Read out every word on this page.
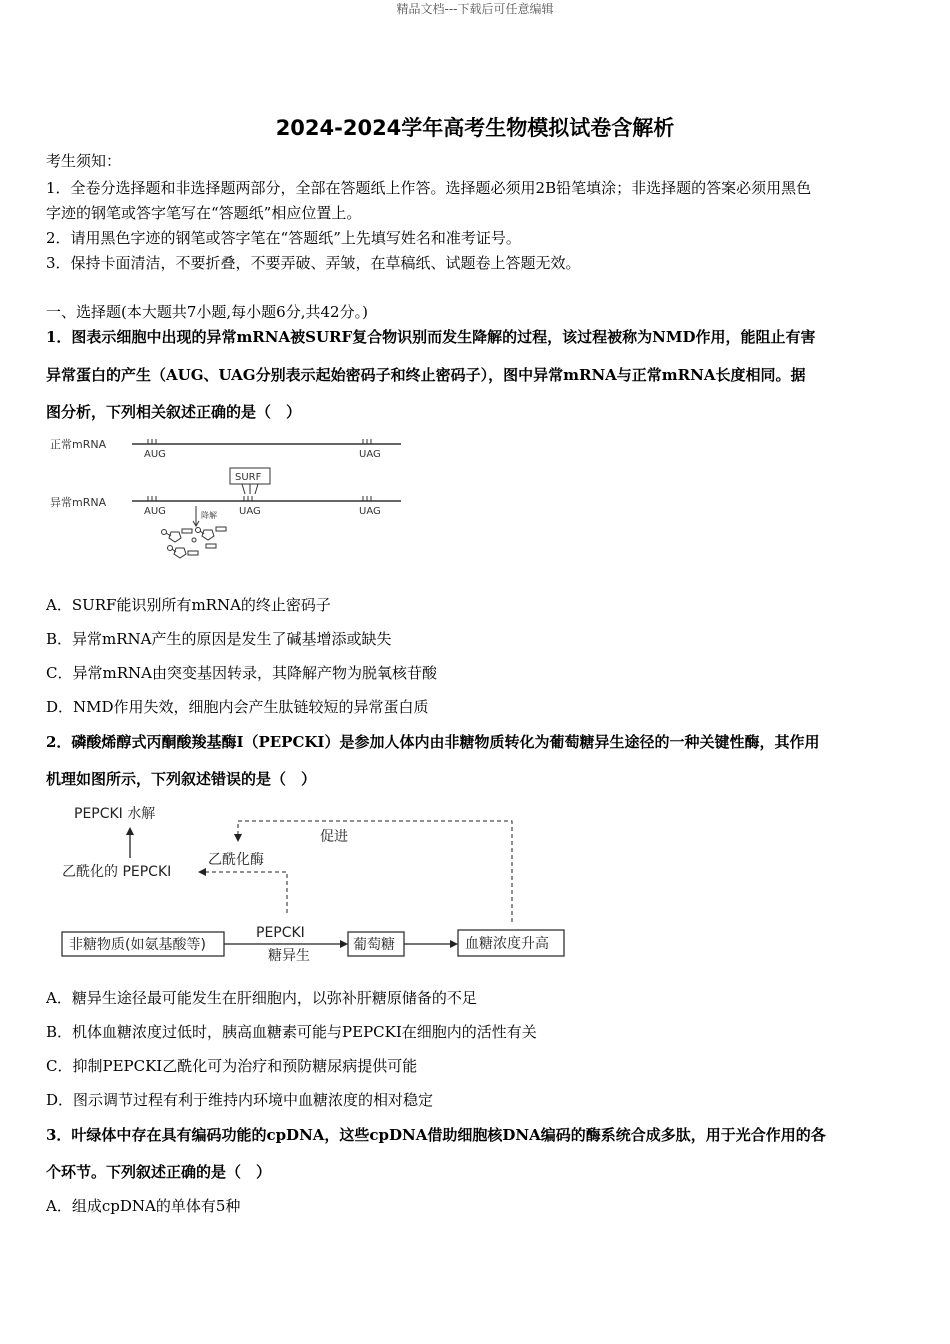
精品文档---下载后可任意编辑
2024-2024学年高考生物模拟试卷含解析
考生须知：
1．全卷分选择题和非选择题两部分，全部在答题纸上作答。选择题必须用2B铅笔填涂；非选择题的答案必须用黑色
字迹的钢笔或答字笔写在“答题纸”相应位置上。
2．请用黑色字迹的钢笔或答字笔在“答题纸”上先填写姓名和准考证号。
3．保持卡面清洁，不要折叠，不要弄破、弄皱，在草稿纸、试题卷上答题无效。
一、选择题(本大题共7小题,每小题6分,共42分。)
1．图表示细胞中出现的异常mRNA被SURF复合物识别而发生降解的过程，该过程被称为NMD作用，能阻止有害
异常蛋白的产生（AUG、UAG分别表示起始密码子和终止密码子），图中异常mRNA与正常mRNA长度相同。据
图分析，下列相关叙述正确的是（　）
正常mRNA
AUG	UAG
SURF
异常mRNA
AUG	UAG	UAG
降解
A．SURF能识别所有mRNA的终止密码子
B．异常mRNA产生的原因是发生了碱基增添或缺失
C．异常mRNA由突变基因转录，其降解产物为脱氧核苷酸
D．NMD作用失效，细胞内会产生肽链较短的异常蛋白质
2．磷酸烯醇式丙酮酸羧基酶Ⅰ（PEPCKI）是参加人体内由非糖物质转化为葡萄糖异生途径的一种关键性酶，其作用
机理如图所示，下列叙述错误的是（　）
PEPCKI 水解
乙酰化的 PEPCKI
乙酰化酶
促进
非糖物质(如氨基酸等)
PEPCKI
糖异生
葡萄糖	血糖浓度升高
A．糖异生途径最可能发生在肝细胞内，以弥补肝糖原储备的不足
B．机体血糖浓度过低时，胰高血糖素可能与PEPCKI在细胞内的活性有关
C．抑制PEPCKI乙酰化可为治疗和预防糖尿病提供可能
D．图示调节过程有利于维持内环境中血糖浓度的相对稳定
3．叶绿体中存在具有编码功能的cpDNA，这些cpDNA借助细胞核DNA编码的酶系统合成多肽，用于光合作用的各
个环节。下列叙述正确的是（　）
A．组成cpDNA的单体有5种
